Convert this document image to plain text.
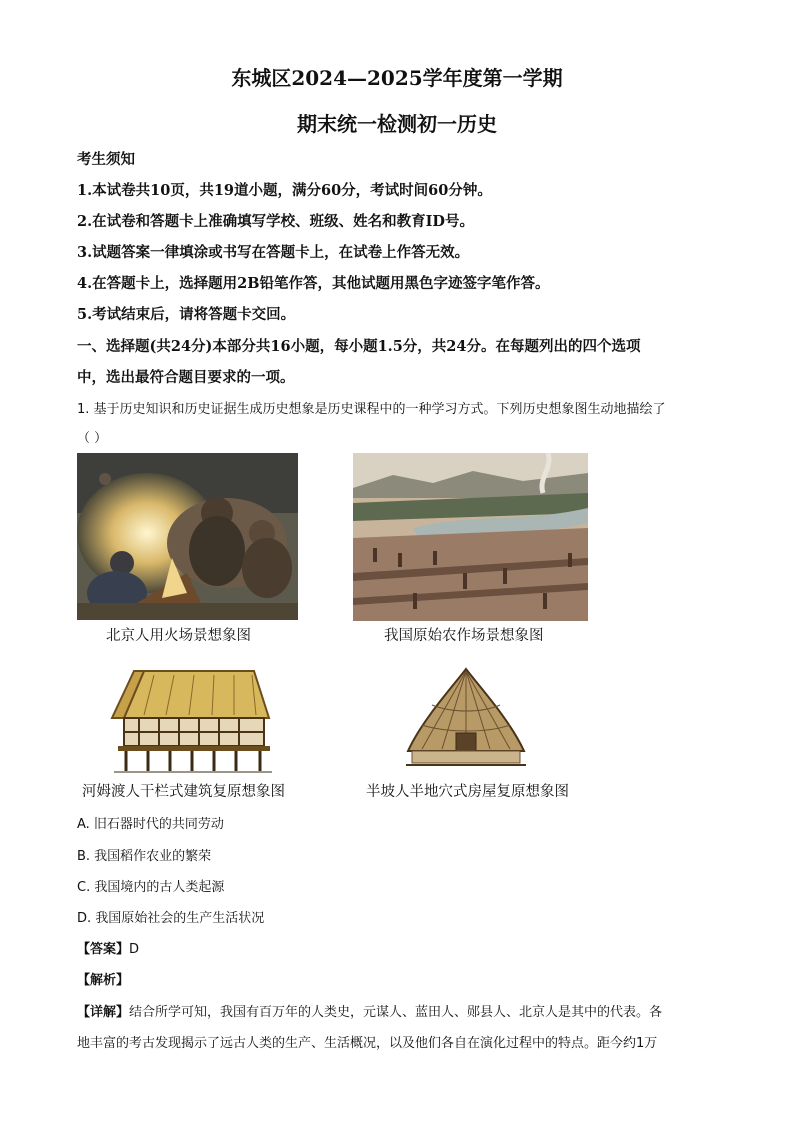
东城区2024—2025学年度第一学期
期末统一检测初一历史
考生须知
1.本试卷共10页，共19道小题，满分60分，考试时间60分钟。
2.在试卷和答题卡上准确填写学校、班级、姓名和教育ID号。
3.试题答案一律填涂或书写在答题卡上，在试卷上作答无效。
4.在答题卡上，选择题用2B铅笔作答，其他试题用黑色字迹签字笔作答。
5.考试结束后，请将答题卡交回。
一、选择题(共24分)本部分共16小题，每小题1.5分，共24分。在每题列出的四个选项
中，选出最符合题目要求的一项。
1. 基于历史知识和历史证据生成历史想象是历史课程中的一种学习方式。下列历史想象图生动地描绘了
（ ）
北京人用火场景想象图	我国原始农作场景想象图
河姆渡人干栏式建筑复原想象图	半坡人半地穴式房屋复原想象图
A. 旧石器时代的共同劳动
B. 我国稻作农业的繁荣
C. 我国境内的古人类起源
D. 我国原始社会的生产生活状况
【答案】D
【解析】
【详解】结合所学可知，我国有百万年的人类史，元谋人、蓝田人、郧县人、北京人是其中的代表。各
地丰富的考古发现揭示了远古人类的生产、生活概况，以及他们各自在演化过程中的特点。距今约1万
